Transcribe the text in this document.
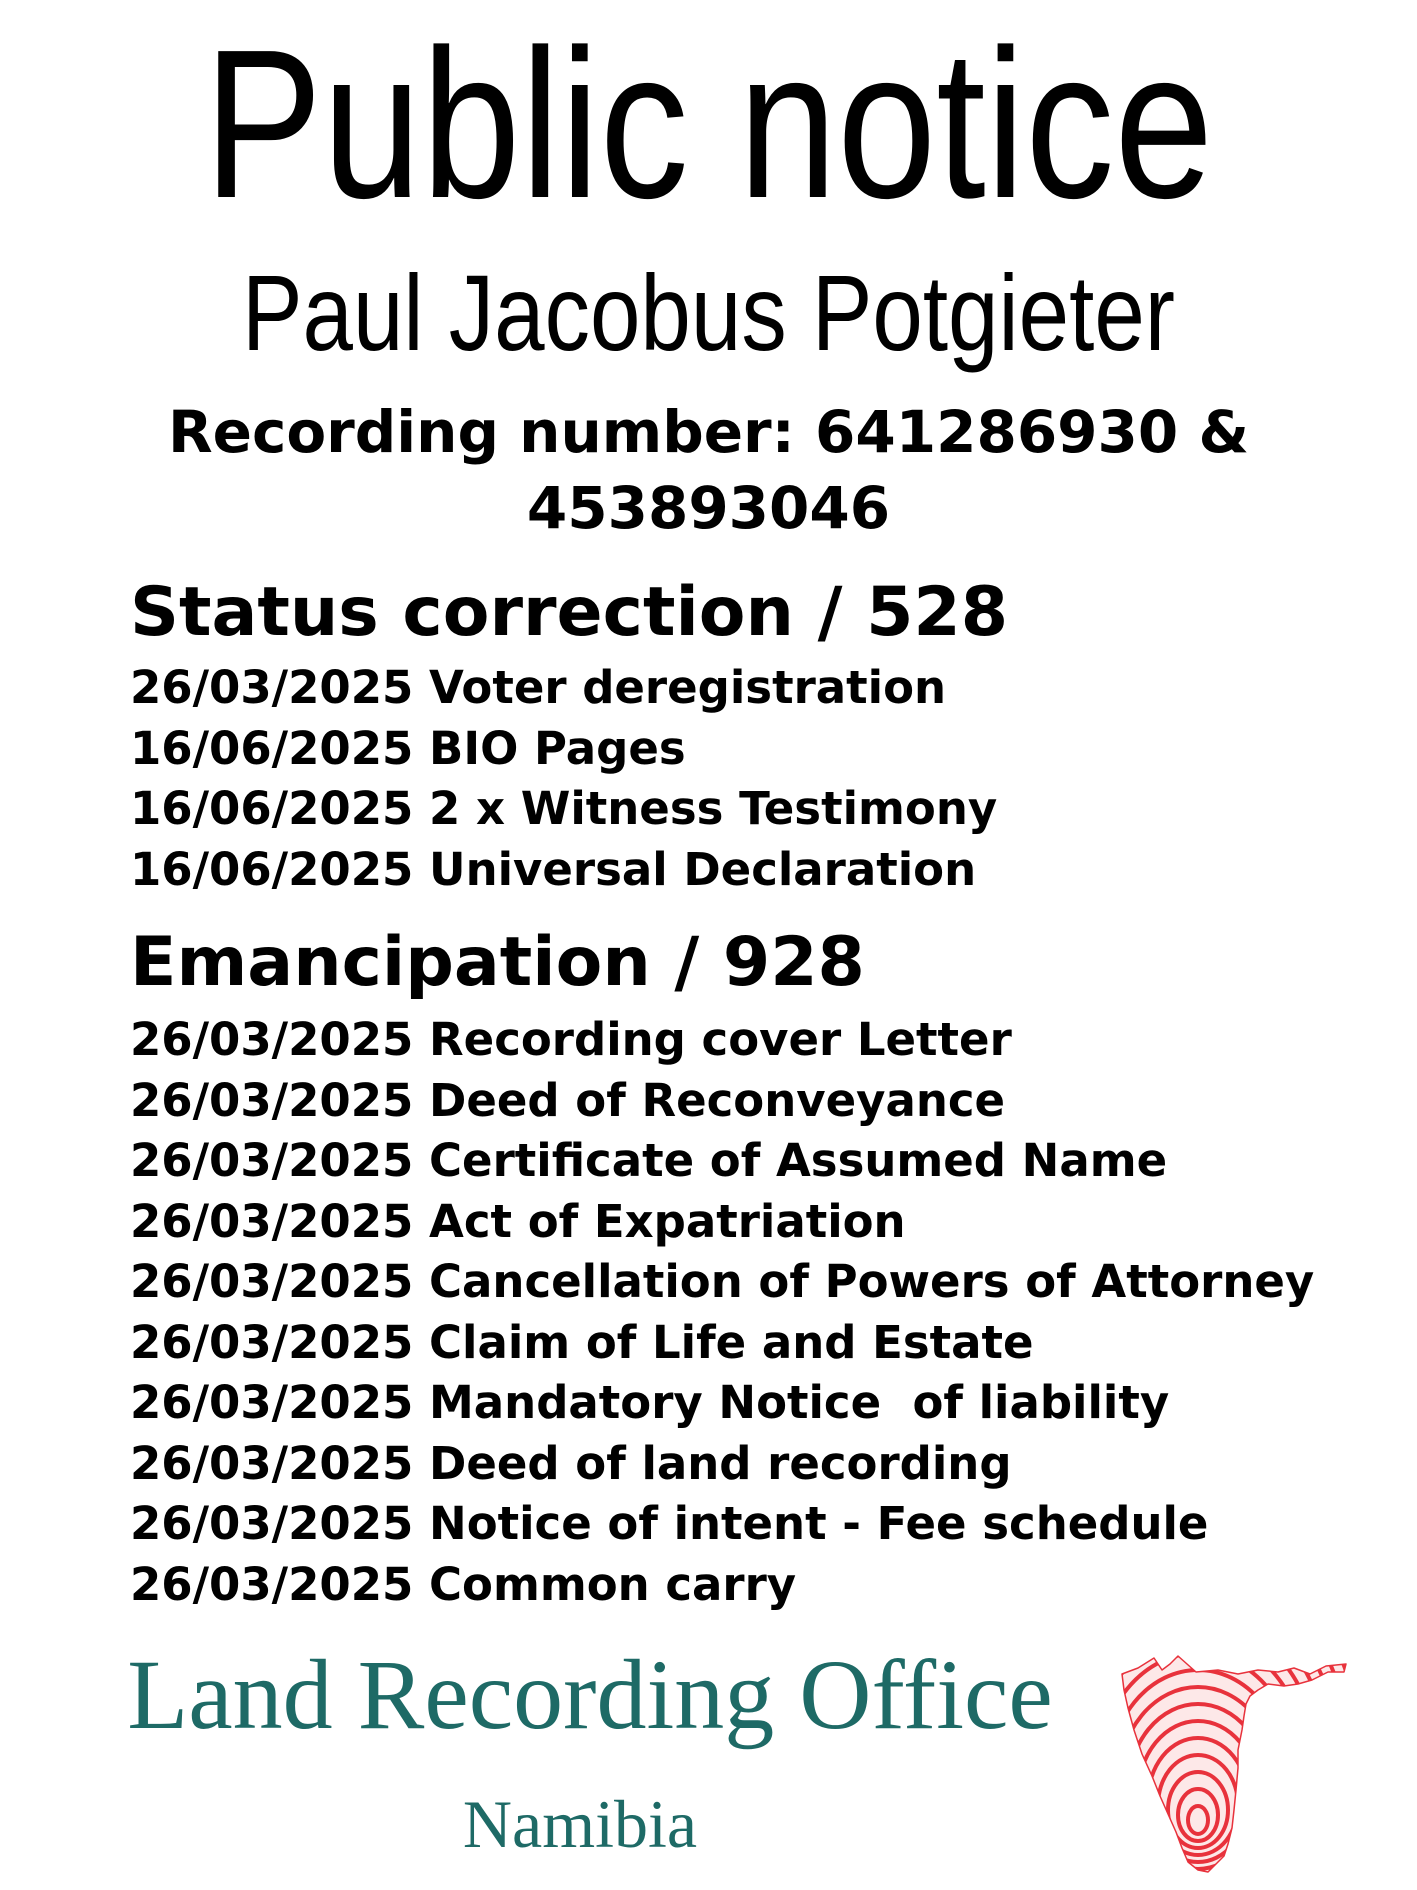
Public notice
Paul Jacobus Potgieter
Recording number: 641286930 &
453893046
Status correction / 528
26/03/2025 Voter deregistration
16/06/2025 BIO Pages
16/06/2025 2 x Witness Testimony
16/06/2025 Universal Declaration
Emancipation / 928
26/03/2025 Recording cover Letter
26/03/2025 Deed of Reconveyance
26/03/2025 Certificate of Assumed Name
26/03/2025 Act of Expatriation
26/03/2025 Cancellation of Powers of Attorney
26/03/2025 Claim of Life and Estate
26/03/2025 Mandatory Notice  of liability
26/03/2025 Deed of land recording
26/03/2025 Notice of intent - Fee schedule
26/03/2025 Common carry
Land Recording Office
Namibia
